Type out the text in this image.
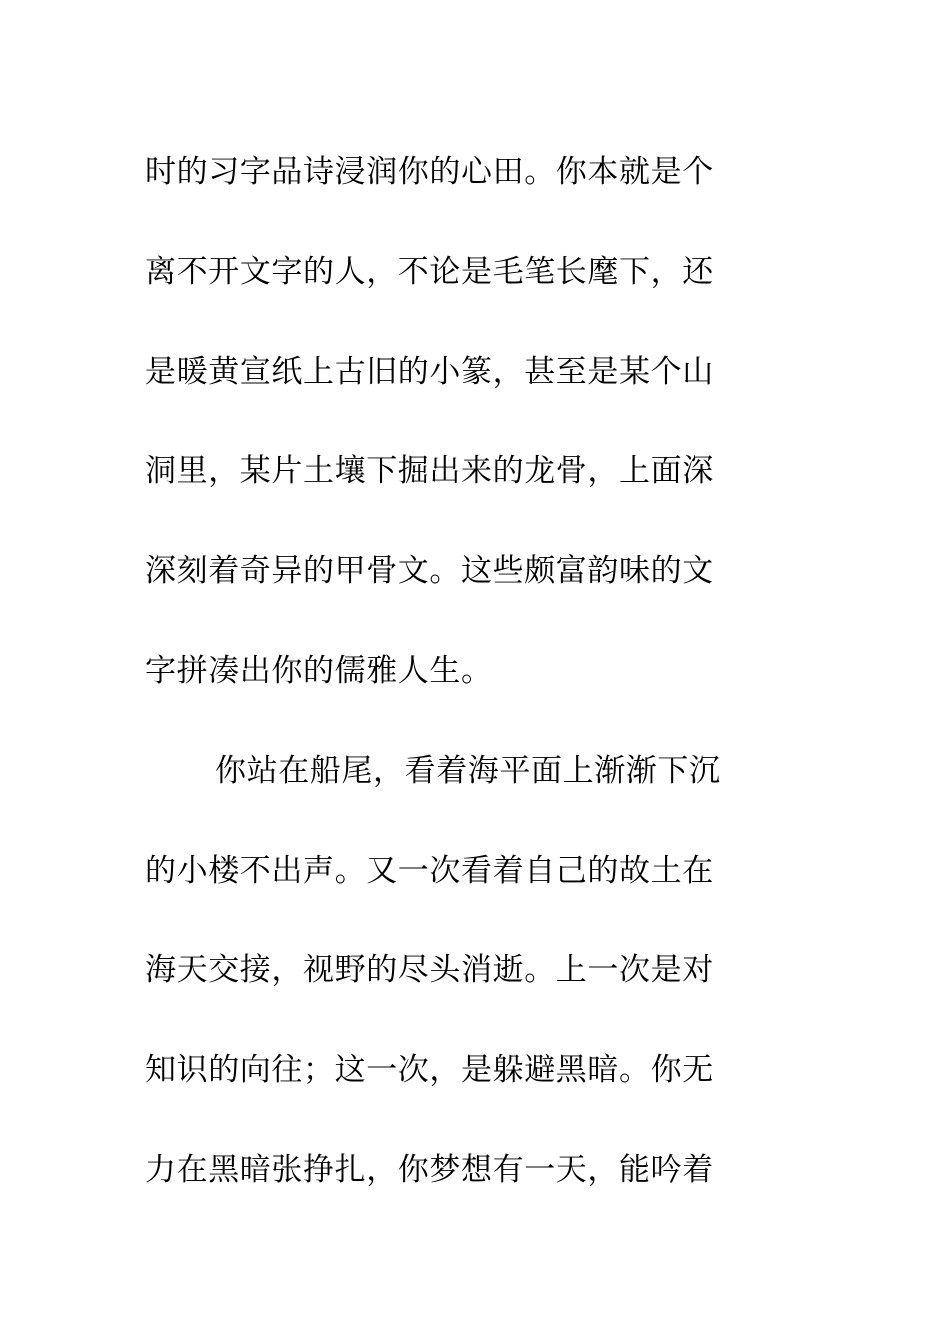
时的习字品诗浸润你的心田。你本就是个
离不开文字的人，不论是毛笔长麾下，还
是暖黄宣纸上古旧的小篆，甚至是某个山
洞里，某片土壤下掘出来的龙骨，上面深
深刻着奇异的甲骨文。这些颇富韵味的文
字拼凑出你的儒雅人生。
你站在船尾，看着海平面上渐渐下沉
的小楼不出声。又一次看着自己的故土在
海天交接，视野的尽头消逝。上一次是对
知识的向往；这一次，是躲避黑暗。你无
力在黑暗张挣扎，你梦想有一天，能吟着
